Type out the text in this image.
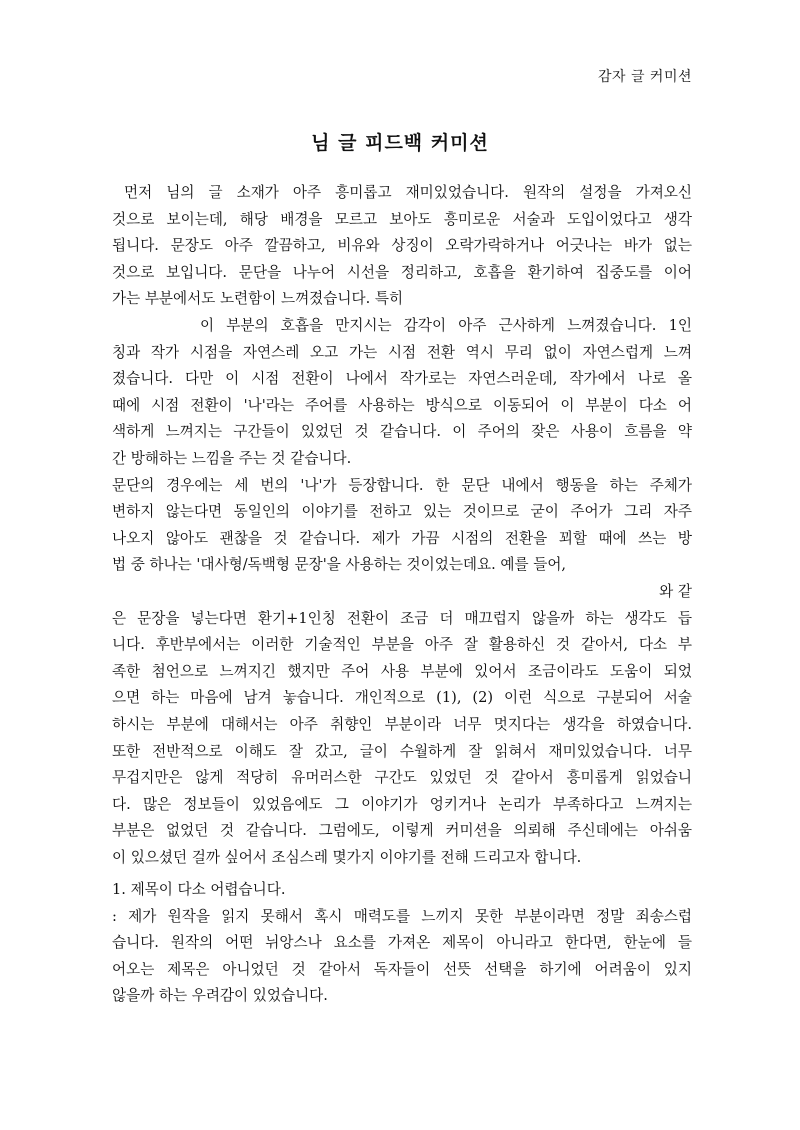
감자 글 커미션
님 글 피드백 커미션
먼저 님의 글 소재가 아주 흥미롭고 재미있었습니다. 원작의 설정을 가져오신
것으로 보이는데, 해당 배경을 모르고 보아도 흥미로운 서술과 도입이었다고 생각
됩니다. 문장도 아주 깔끔하고, 비유와 상징이 오락가락하거나 어긋나는 바가 없는
것으로 보입니다. 문단을 나누어 시선을 정리하고, 호흡을 환기하여 집중도를 이어
가는 부분에서도 노련함이 느껴졌습니다. 특히
이 부분의 호흡을 만지시는 감각이 아주 근사하게 느껴졌습니다. 1인
칭과 작가 시점을 자연스레 오고 가는 시점 전환 역시 무리 없이 자연스럽게 느껴
졌습니다. 다만 이 시점 전환이 나에서 작가로는 자연스러운데, 작가에서 나로 올
때에 시점 전환이 '나'라는 주어를 사용하는 방식으로 이동되어 이 부분이 다소 어
색하게 느껴지는 구간들이 있었던 것 같습니다. 이 주어의 잦은 사용이 흐름을 약
간 방해하는 느낌을 주는 것 같습니다.
문단의 경우에는 세 번의 '나'가 등장합니다. 한 문단 내에서 행동을 하는 주체가
변하지 않는다면 동일인의 이야기를 전하고 있는 것이므로 굳이 주어가 그리 자주
나오지 않아도 괜찮을 것 같습니다. 제가 가끔 시점의 전환을 꾀할 때에 쓰는 방
법 중 하나는 '대사형/독백형 문장'을 사용하는 것이었는데요. 예를 들어,
와 같
은 문장을 넣는다면 환기+1인칭 전환이 조금 더 매끄럽지 않을까 하는 생각도 듭
니다. 후반부에서는 이러한 기술적인 부분을 아주 잘 활용하신 것 같아서, 다소 부
족한 첨언으로 느껴지긴 했지만 주어 사용 부분에 있어서 조금이라도 도움이 되었
으면 하는 마음에 남겨 놓습니다. 개인적으로 (1), (2) 이런 식으로 구분되어 서술
하시는 부분에 대해서는 아주 취향인 부분이라 너무 멋지다는 생각을 하였습니다.
또한 전반적으로 이해도 잘 갔고, 글이 수월하게 잘 읽혀서 재미있었습니다. 너무
무겁지만은 않게 적당히 유머러스한 구간도 있었던 것 같아서 흥미롭게 읽었습니
다. 많은 정보들이 있었음에도 그 이야기가 엉키거나 논리가 부족하다고 느껴지는
부분은 없었던 것 같습니다. 그럼에도, 이렇게 커미션을 의뢰해 주신데에는 아쉬움
이 있으셨던 걸까 싶어서 조심스레 몇가지 이야기를 전해 드리고자 합니다.
1. 제목이 다소 어렵습니다.
: 제가 원작을 읽지 못해서 혹시 매력도를 느끼지 못한 부분이라면 정말 죄송스럽
습니다. 원작의 어떤 뉘앙스나 요소를 가져온 제목이 아니라고 한다면, 한눈에 들
어오는 제목은 아니었던 것 같아서 독자들이 선뜻 선택을 하기에 어려움이 있지
않을까 하는 우려감이 있었습니다.
